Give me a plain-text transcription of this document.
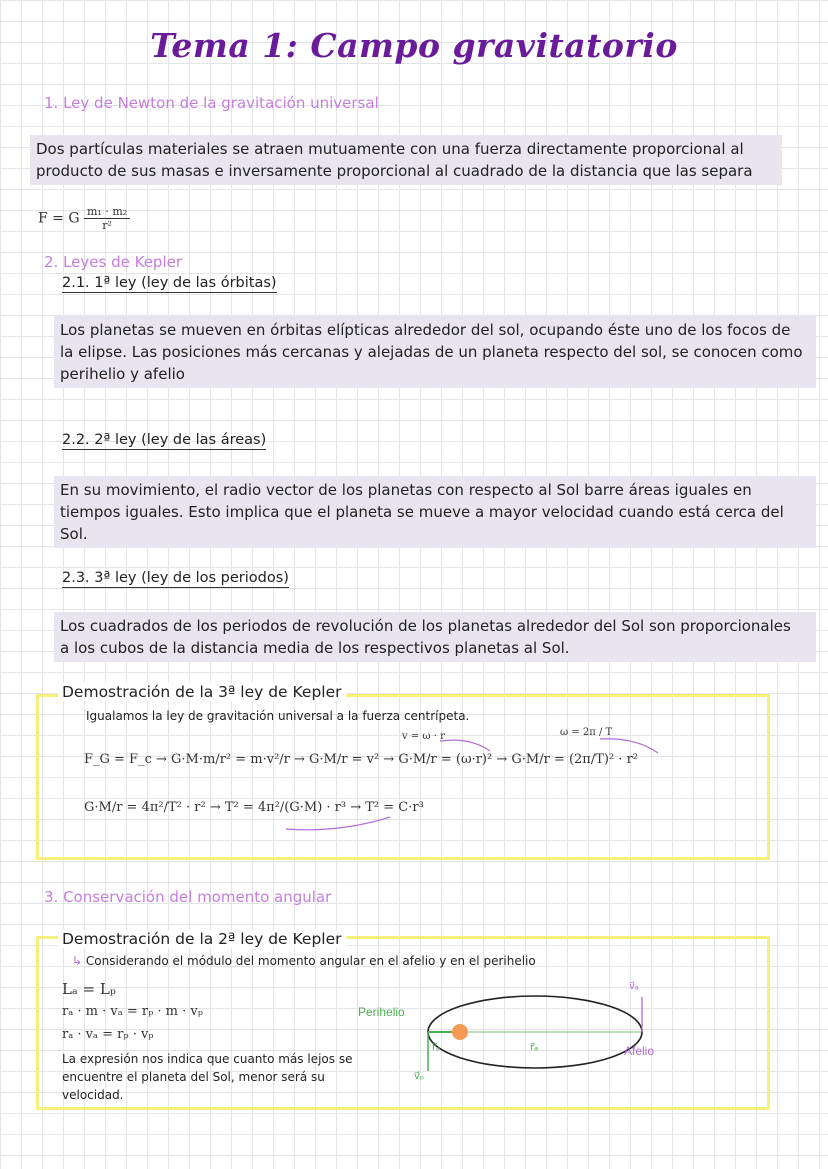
Tema 1: Campo gravitatorio
1. Ley de Newton de la gravitación universal
Dos partículas materiales se atraen mutuamente con una fuerza directamente proporcional al
producto de sus masas e inversamente proporcional al cuadrado de la distancia que las separa
F = G $\frac{\text{m₁ · m₂}}{\text{r²}}$
2. Leyes de Kepler
2.1. 1ª ley (ley de las órbitas)
Los planetas se mueven en órbitas elípticas alrededor del sol, ocupando éste uno de los focos de
la elipse. Las posiciones más cercanas y alejadas de un planeta respecto del sol, se conocen como
perihelio y afelio
2.2. 2ª ley (ley de las áreas)
En su movimiento, el radio vector de los planetas con respecto al Sol barre áreas iguales en
tiempos iguales. Esto implica que el planeta se mueve a mayor velocidad cuando está cerca del
Sol.
2.3. 3ª ley (ley de los periodos)
Los cuadrados de los periodos de revolución de los planetas alrededor del Sol son proporcionales
a los cubos de la distancia media de los respectivos planetas al Sol.
Demostración de la 3ª ley de Kepler
Igualamos la ley de gravitación universal a la fuerza centrípeta.
v = ω · r	ω = 2π / T
F_G = F_c → G·M·m/r² = m·v²/r → G·M/r = v² → G·M/r = (ω·r)² → G·M/r = (2π/T)² · r²
G·M/r = 4π²/T² · r² → T² = 4π²/(G·M) · r³ → T² = C·r³
3. Conservación del momento angular
Demostración de la 2ª ley de Kepler
↳ Considerando el módulo del momento angular en el afelio y en el perihelio
Lₐ = Lₚ
rₐ · m · vₐ = rₚ · m · vₚ
rₐ · vₐ = rₚ · vₚ
La expresión nos indica que cuanto más lejos se
encuentre el planeta del Sol, menor será su
velocidad.
Perihelio
Afelio
r⃗ₚ	r⃗ₐ
v⃗ₚ
v⃗ₐ
